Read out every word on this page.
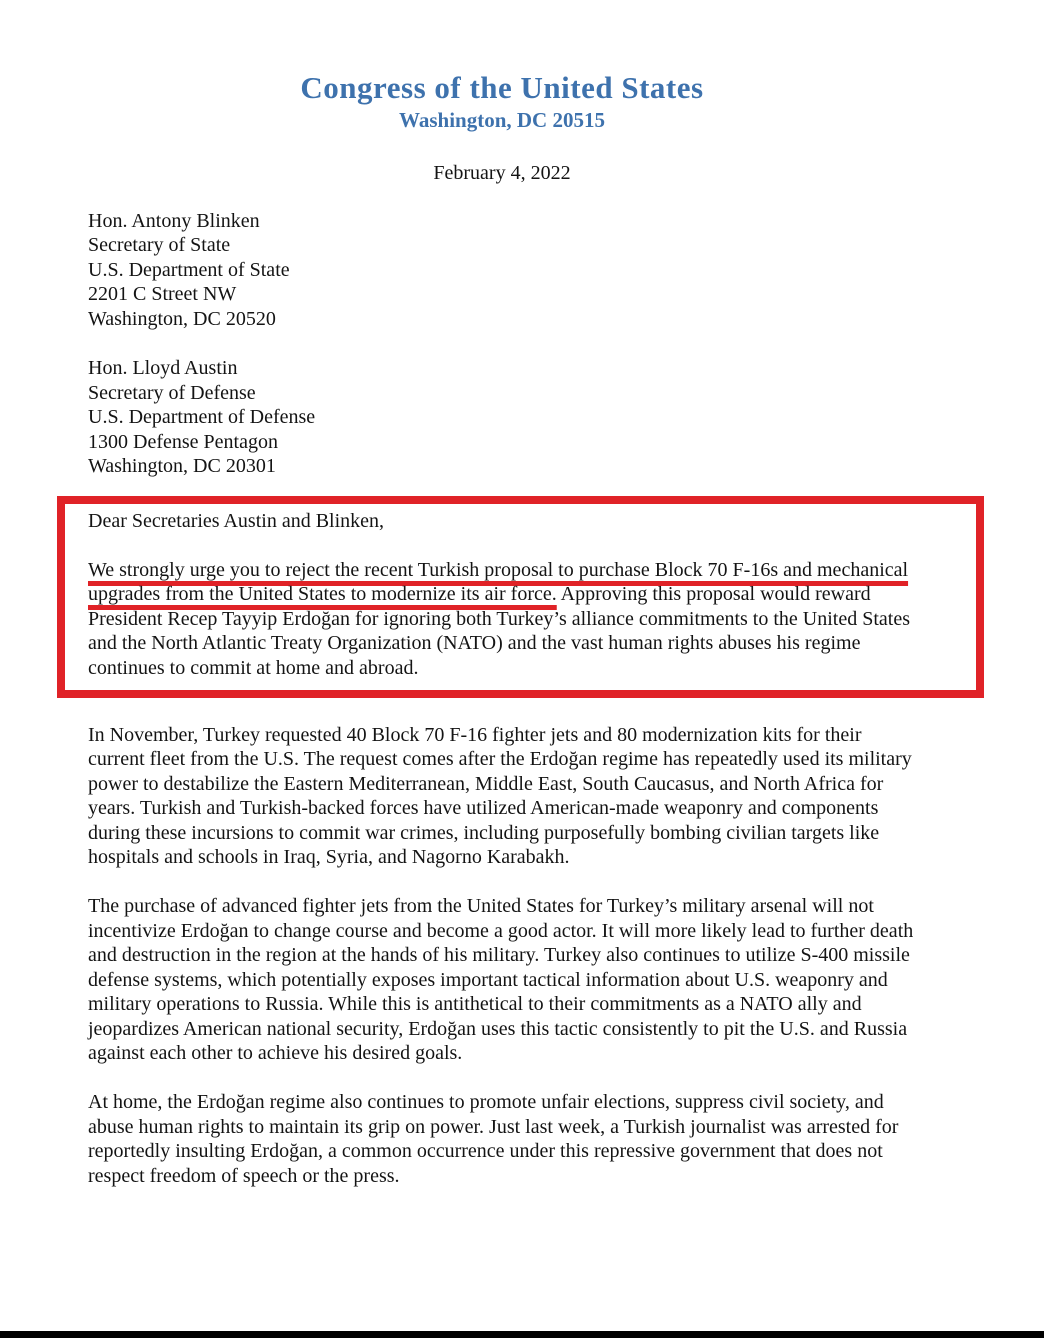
Congress of the United States
Washington, DC 20515
February 4, 2022
Hon. Antony Blinken
Secretary of State
U.S. Department of State
2201 C Street NW
Washington, DC 20520
Hon. Lloyd Austin
Secretary of Defense
U.S. Department of Defense
1300 Defense Pentagon
Washington, DC 20301

Dear Secretaries Austin and Blinken,

We strongly urge you to reject the recent Turkish proposal to purchase Block 70 F-16s and mechanical upgrades from the United States to modernize its air force. Approving this proposal would reward President Recep Tayyip Erdoğan for ignoring both Turkey’s alliance commitments to the United States and the North Atlantic Treaty Organization (NATO) and the vast human rights abuses his regime continues to commit at home and abroad.

In November, Turkey requested 40 Block 70 F-16 fighter jets and 80 modernization kits for their current fleet from the U.S. The request comes after the Erdoğan regime has repeatedly used its military power to destabilize the Eastern Mediterranean, Middle East, South Caucasus, and North Africa for years. Turkish and Turkish-backed forces have utilized American-made weaponry and components during these incursions to commit war crimes, including purposefully bombing civilian targets like hospitals and schools in Iraq, Syria, and Nagorno Karabakh.

The purchase of advanced fighter jets from the United States for Turkey’s military arsenal will not incentivize Erdoğan to change course and become a good actor. It will more likely lead to further death and destruction in the region at the hands of his military. Turkey also continues to utilize S-400 missile defense systems, which potentially exposes important tactical information about U.S. weaponry and military operations to Russia. While this is antithetical to their commitments as a NATO ally and jeopardizes American national security, Erdoğan uses this tactic consistently to pit the U.S. and Russia against each other to achieve his desired goals.

At home, the Erdoğan regime also continues to promote unfair elections, suppress civil society, and abuse human rights to maintain its grip on power. Just last week, a Turkish journalist was arrested for reportedly insulting Erdoğan, a common occurrence under this repressive government that does not respect freedom of speech or the press.
